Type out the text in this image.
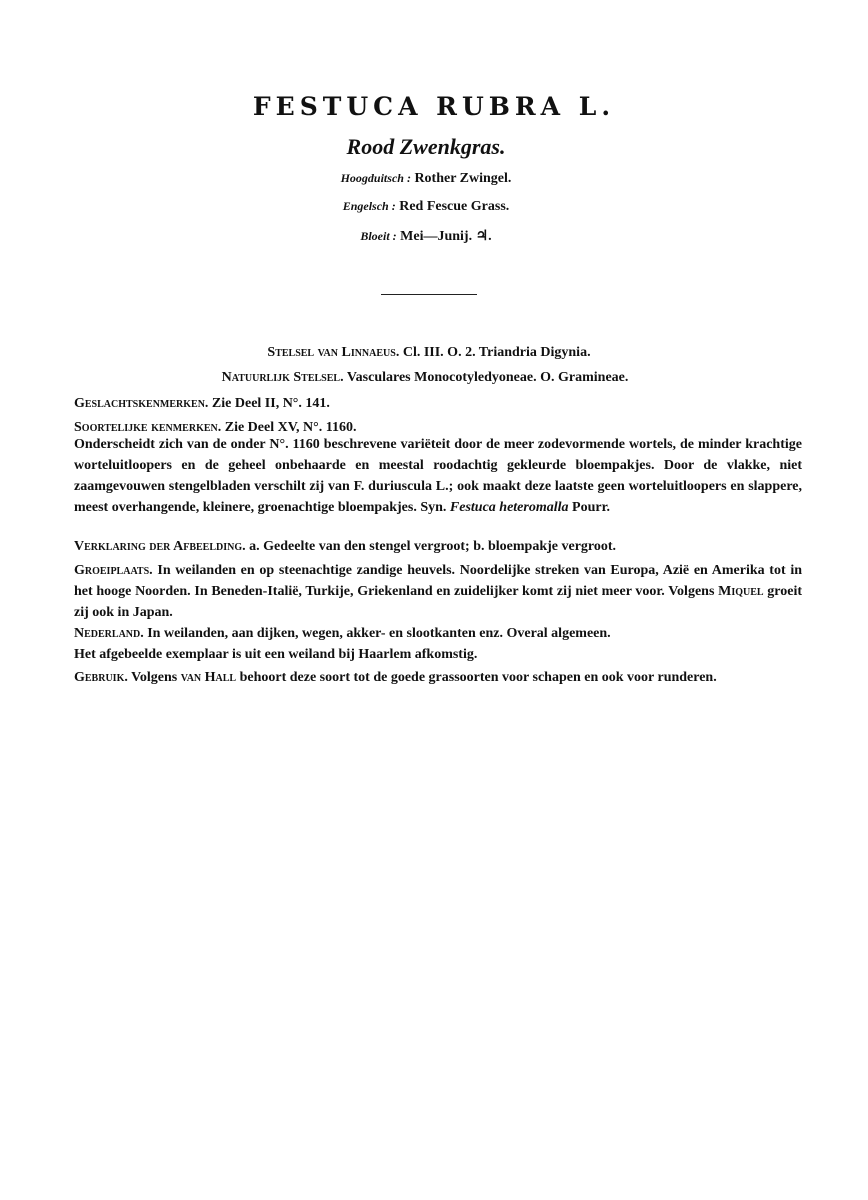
FESTUCA RUBRA L.
Rood Zwenkgras.
Hoogduitsch : Rother Zwingel.
Engelsch : Red Fescue Grass.
Bloeit : Mei—Junij. ♃.
Stelsel van Linnaeus. Cl. III. O. 2. Triandria Digynia.
Natuurlijk Stelsel. Vasculares Monocotyledyoneae. O. Gramineae.
Geslachtskenmerken. Zie Deel II, N°. 141.
Soortelijke kenmerken. Zie Deel XV, N°. 1160.
Onderscheidt zich van de onder N°. 1160 beschrevene variëteit door de meer zodevormende wortels, de minder krachtige worteluitloopers en de geheel onbehaarde en meestal roodachtig gekleurde bloempakjes. Door de vlakke, niet zaamgevouwen stengelbladen verschilt zij van F. duriuscula L.; ook maakt deze laatste geen worteluitloopers en slappere, meest overhangende, kleinere, groenachtige bloempakjes. Syn. Festuca heteromalla Pourr.
Verklaring der Afbeelding. a. Gedeelte van den stengel vergroot; b. bloempakje vergroot.
Groeiplaats. In weilanden en op steenachtige zandige heuvels. Noordelijke streken van Europa, Azië en Amerika tot in het hooge Noorden. In Beneden-Italië, Turkije, Griekenland en zuidelijker komt zij niet meer voor. Volgens Miquel groeit zij ook in Japan.
Nederland. In weilanden, aan dijken, wegen, akker- en slootkanten enz. Overal algemeen.
Het afgebeelde exemplaar is uit een weiland bij Haarlem afkomstig.
Gebruik. Volgens van Hall behoort deze soort tot de goede grassoorten voor schapen en ook voor runderen.
